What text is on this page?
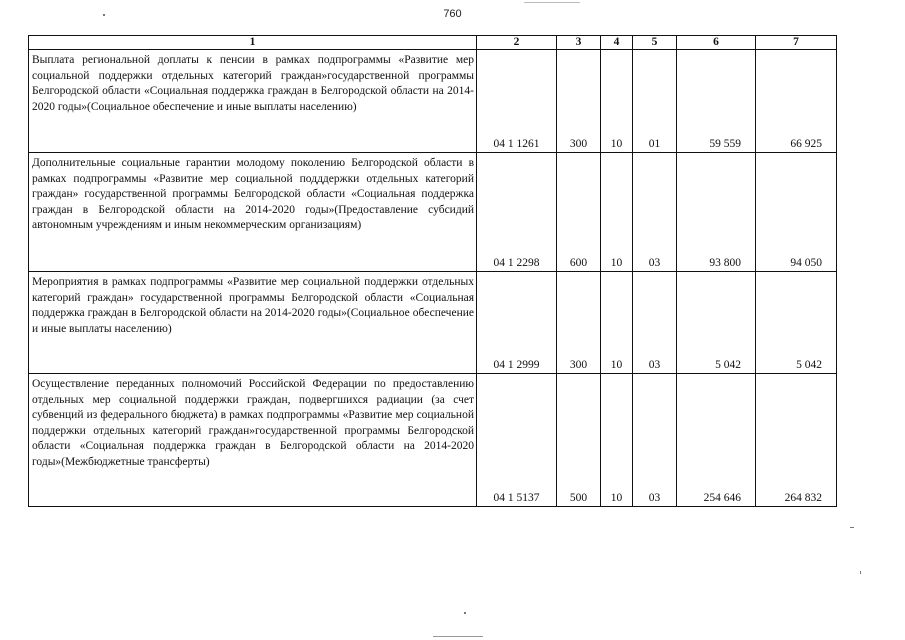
760
1	2	3	4	5	6	7
Выплата региональной доплаты к пенсии в рамках подпрограммы «Развитие мер социальной поддержки отдельных категорий граждан»государственной программы Белгородской области «Социальная поддержка граждан в Белгородской области на 2014-2020 годы»(Социальное обеспечение и иные выплаты населению)	04 1 1261	300	10	01	59 559	66 925
Дополнительные социальные гарантии молодому поколению Белгородской области в рамках подпрограммы «Развитие мер социальной подддержки отдельных категорий граждан» государственной программы Белгородской области «Социальная поддержка граждан в Белгородской области на 2014-2020 годы»(Предоставление субсидий автономным учреждениям и иным некоммерческим организациям)	04 1 2298	600	10	03	93 800	94 050
Мероприятия в рамках подпрограммы «Развитие мер социальной поддержки отдельных категорий граждан» государственной программы Белгородской области «Социальная поддержка граждан в Белгородской области на 2014-2020 годы»(Социальное обеспечение и иные выплаты населению)	04 1 2999	300	10	03	5 042	5 042
Осуществление переданных полномочий Российской Федерации по предоставлению отдельных мер социальной поддержки граждан, подвергшихся радиации (за счет субвенций из федерального бюджета) в рамках подпрограммы «Развитие мер социальной поддержки отдельных категорий граждан»государственной программы Белгородской области «Социальная поддержка граждан в Белгородской области на 2014-2020 годы»(Межбюджетные трансферты)	04 1 5137	500	10	03	254 646	264 832
